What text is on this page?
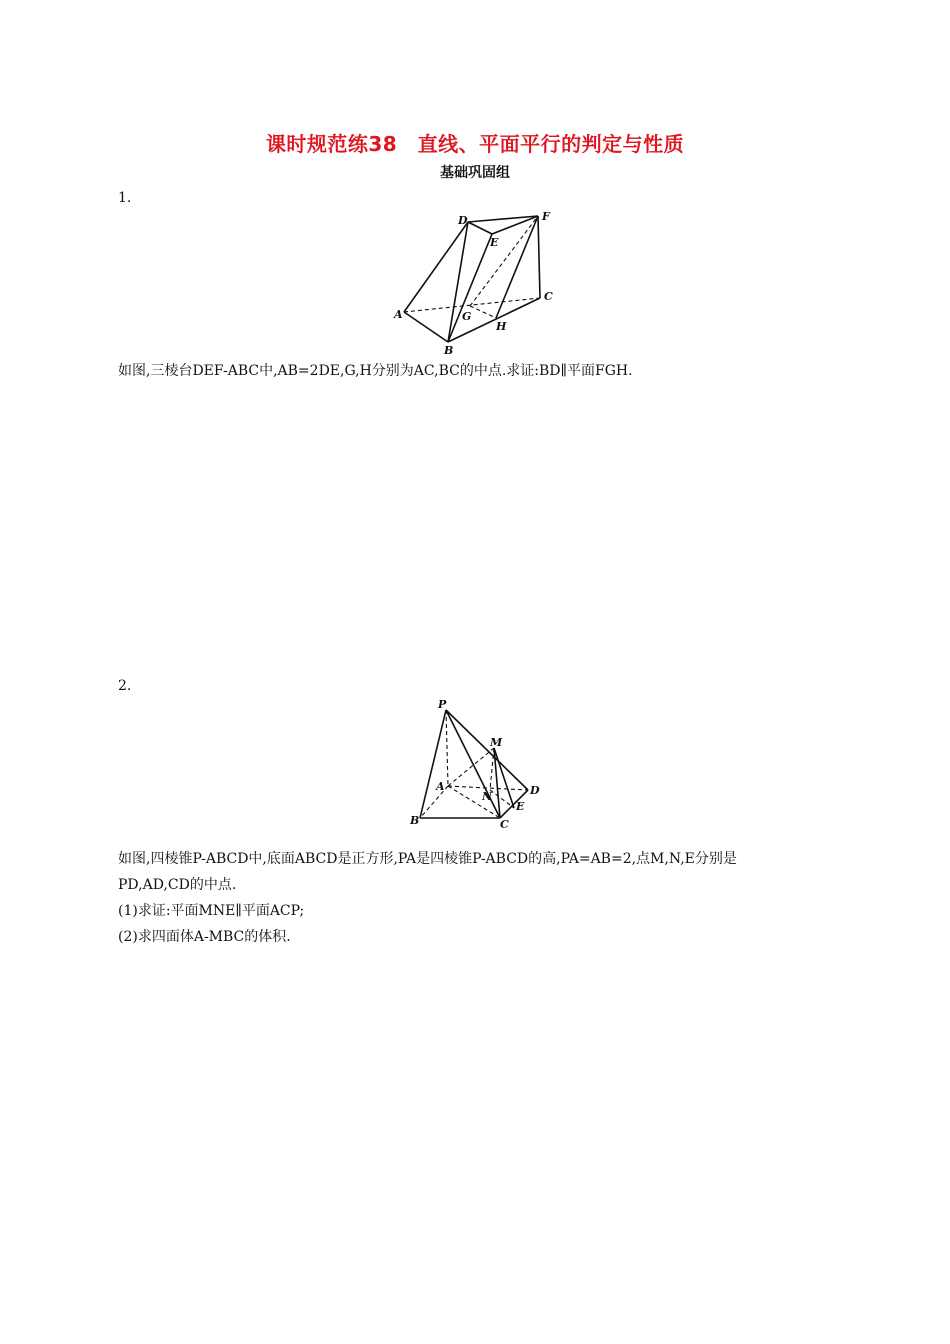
课时规范练38　直线、平面平行的判定与性质
基础巩固组
1.
D
E
F
A
B
C
G
H
如图,三棱台DEF-ABC中,AB=2DE,G,H分别为AC,BC的中点.求证:BD∥平面FGH.
2.
P
M
A
N	D
E
B	C
如图,四棱锥P-ABCD中,底面ABCD是正方形,PA是四棱锥P-ABCD的高,PA=AB=2,点M,N,E分别是
PD,AD,CD的中点.
(1)求证:平面MNE∥平面ACP;
(2)求四面体A-MBC的体积.
